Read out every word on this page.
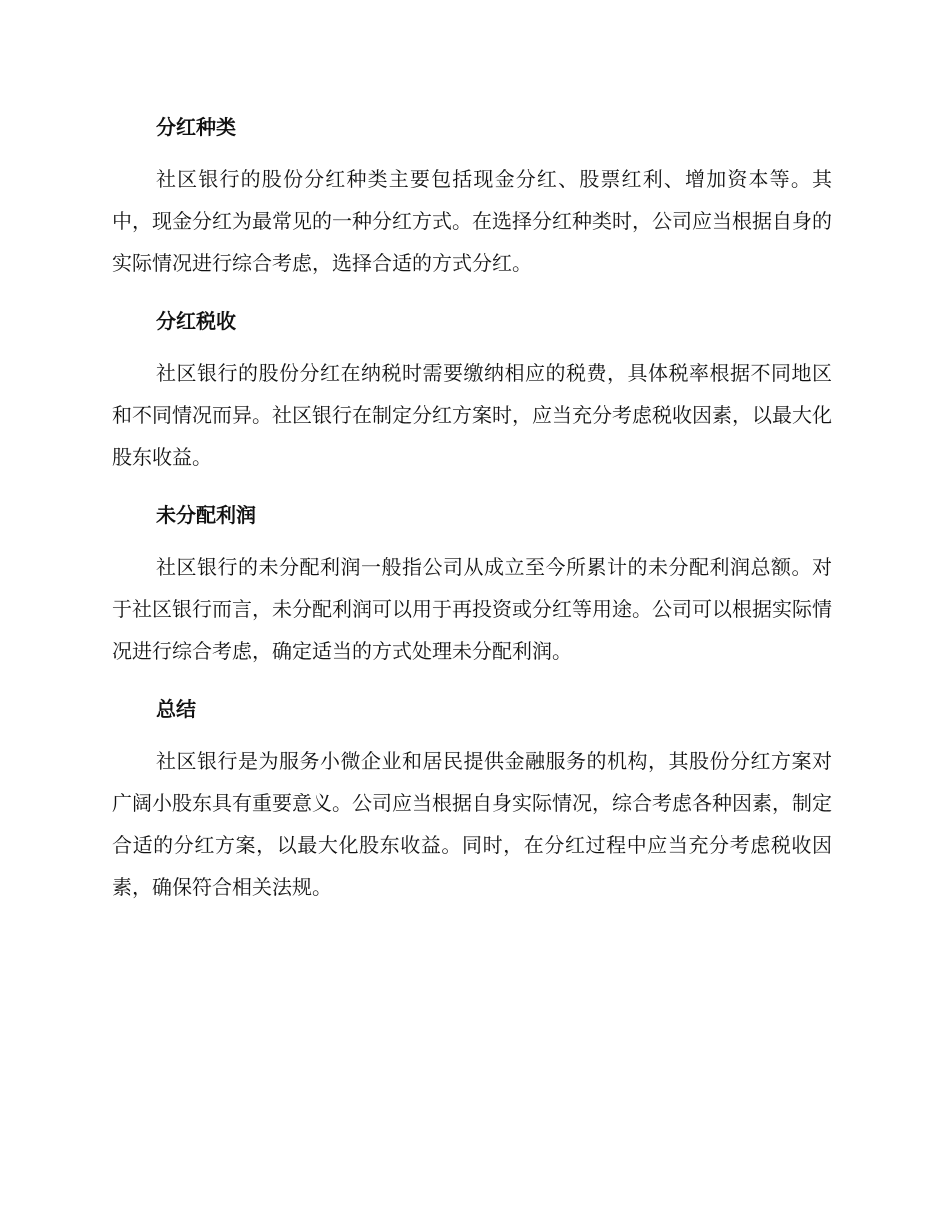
分红种类

社区银行的股份分红种类主要包括现金分红、股票红利、增加资本等。其中，现金分红为最常见的一种分红方式。在选择分红种类时，公司应当根据自身的实际情况进行综合考虑，选择合适的方式分红。

分红税收

社区银行的股份分红在纳税时需要缴纳相应的税费，具体税率根据不同地区和不同情况而异。社区银行在制定分红方案时，应当充分考虑税收因素，以最大化股东收益。

未分配利润

社区银行的未分配利润一般指公司从成立至今所累计的未分配利润总额。对于社区银行而言，未分配利润可以用于再投资或分红等用途。公司可以根据实际情况进行综合考虑，确定适当的方式处理未分配利润。

总结

社区银行是为服务小微企业和居民提供金融服务的机构，其股份分红方案对广阔小股东具有重要意义。公司应当根据自身实际情况，综合考虑各种因素，制定合适的分红方案，以最大化股东收益。同时，在分红过程中应当充分考虑税收因素，确保符合相关法规。
